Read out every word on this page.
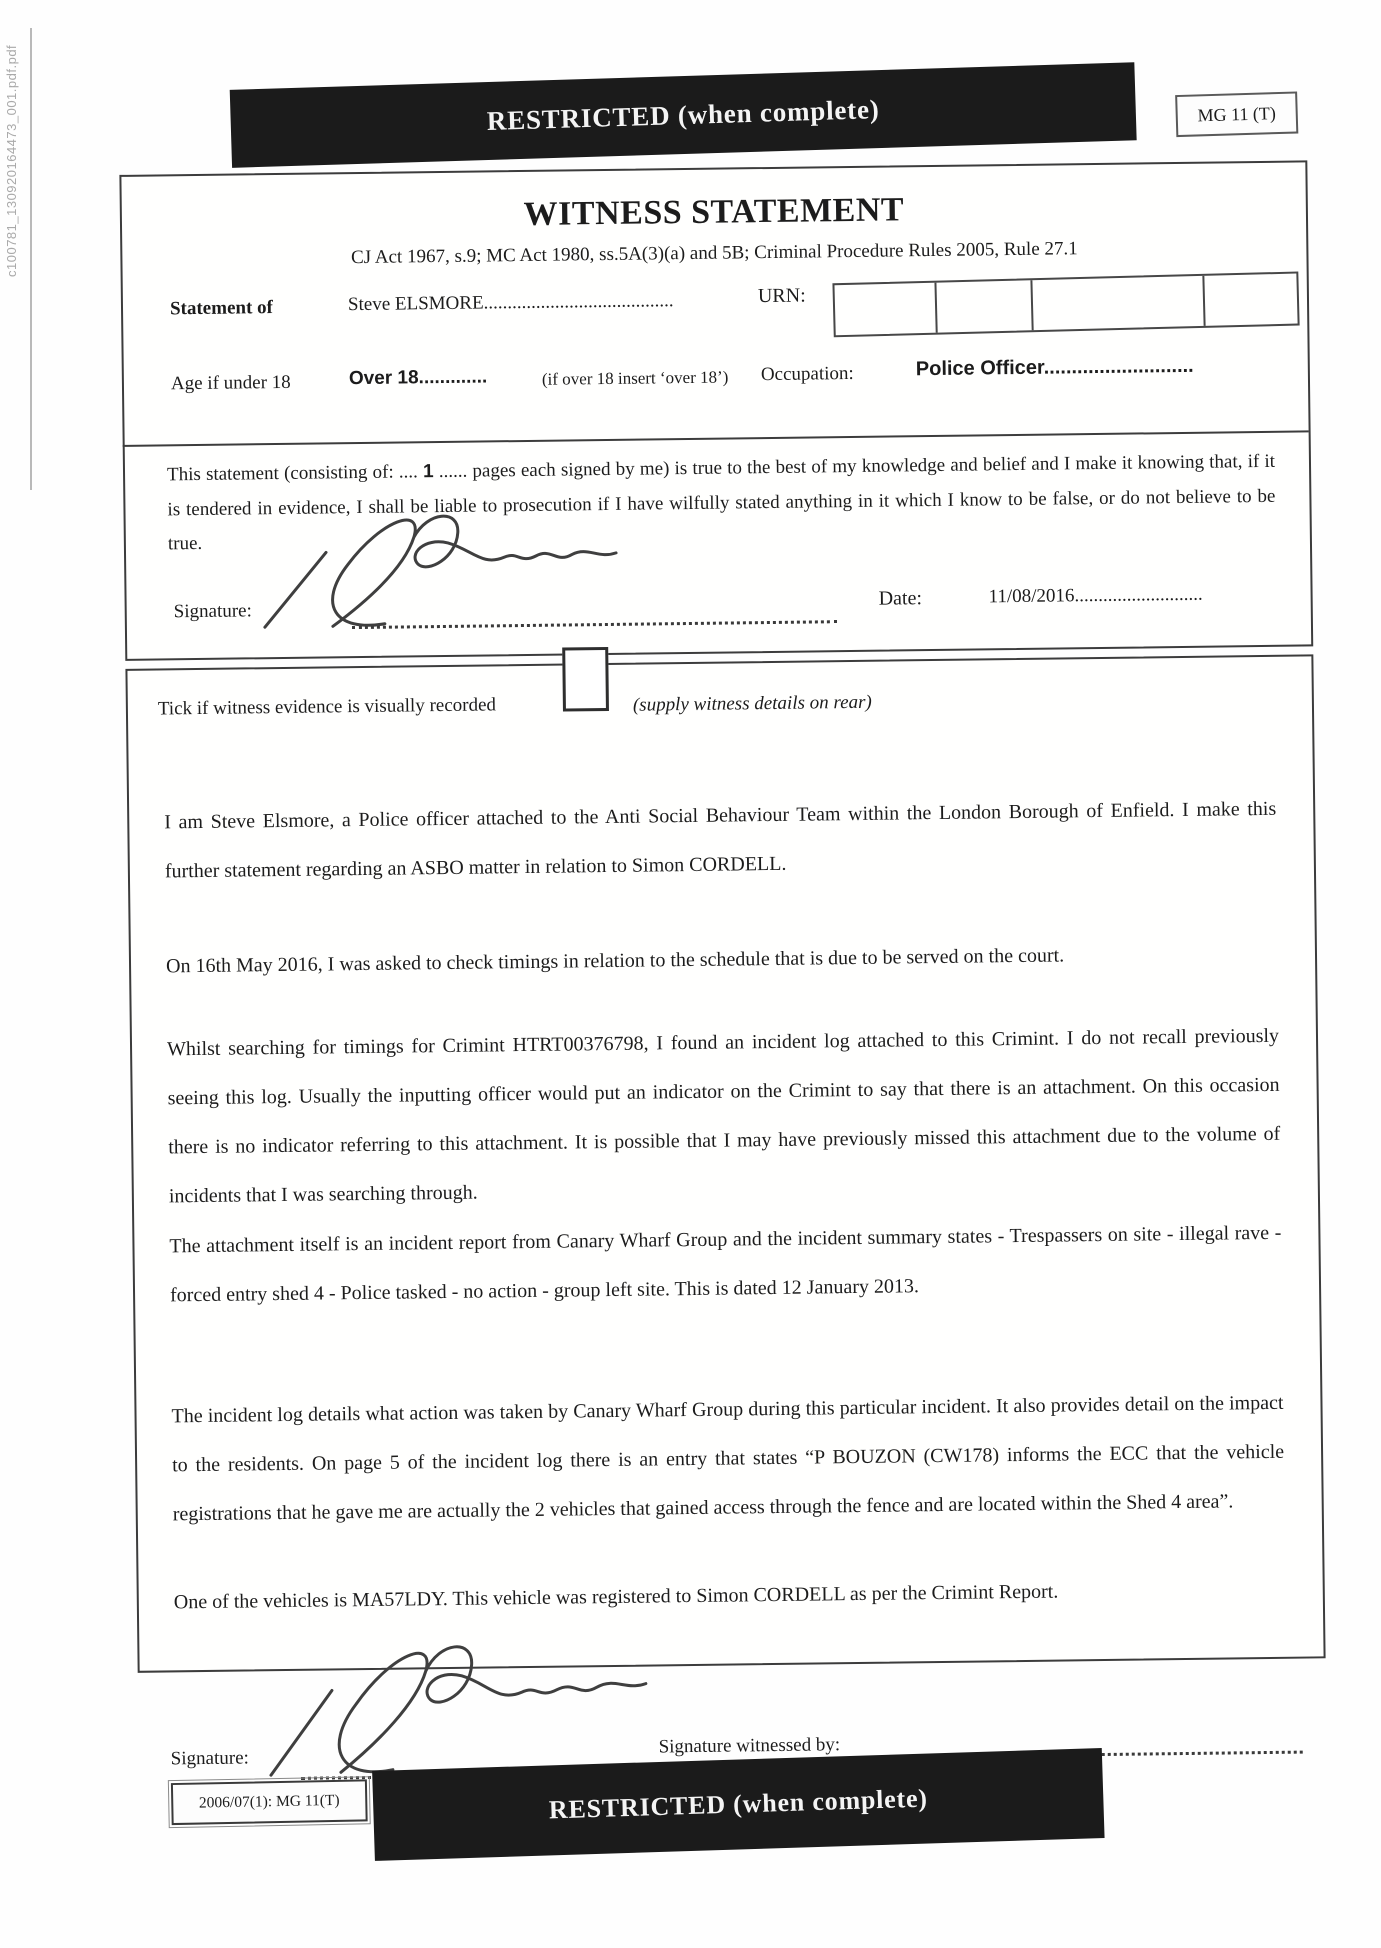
c100781_130920164473_001.pdf.pdf	RESTRICTED (when complete)	MG 11 (T)
WITNESS STATEMENT
CJ Act 1967, s.9; MC Act 1980, ss.5A(3)(a) and 5B; Criminal Procedure Rules 2005, Rule 27.1
Statement of	Steve ELSMORE........................................	URN:
Age if under 18	Over 18.............	(if over 18 insert ‘over 18’) Occupation:	Police Officer...........................
This statement (consisting of: .... 1 ...... pages each signed by me) is true to the best of my knowledge and belief and I make it knowing that, if it is tendered in evidence, I shall be liable to prosecution if I have wilfully stated anything in it which I know to be false, or do not believe to be true.
Signature:
Date:	11/08/2016...........................
Tick if witness evidence is visually recorded	(supply witness details on rear)
I am Steve Elsmore, a Police officer attached to the Anti Social Behaviour Team within the London Borough of Enfield. I make this further statement regarding an ASBO matter in relation to Simon CORDELL.
On 16th May 2016, I was asked to check timings in relation to the schedule that is due to be served on the court.
Whilst searching for timings for Crimint HTRT00376798, I found an incident log attached to this Crimint. I do not recall previously seeing this log. Usually the inputting officer would put an indicator on the Crimint to say that there is an attachment. On this occasion there is no indicator referring to this attachment. It is possible that I may have previously missed this attachment due to the volume of incidents that I was searching through.
The attachment itself is an incident report from Canary Wharf Group and the incident summary states - Trespassers on site - illegal rave - forced entry shed 4 - Police tasked - no action - group left site. This is dated 12 January 2013.
The incident log details what action was taken by Canary Wharf Group during this particular incident. It also provides detail on the impact to the residents. On page 5 of the incident log there is an entry that states “P BOUZON (CW178) informs the ECC that the vehicle registrations that he gave me are actually the 2 vehicles that gained access through the fence and are located within the Shed 4 area”.
One of the vehicles is MA57LDY. This vehicle was registered to Simon CORDELL as per the Crimint Report.
Signature:
Signature witnessed by:
2006/07(1): MG 11(T)	RESTRICTED (when complete)
